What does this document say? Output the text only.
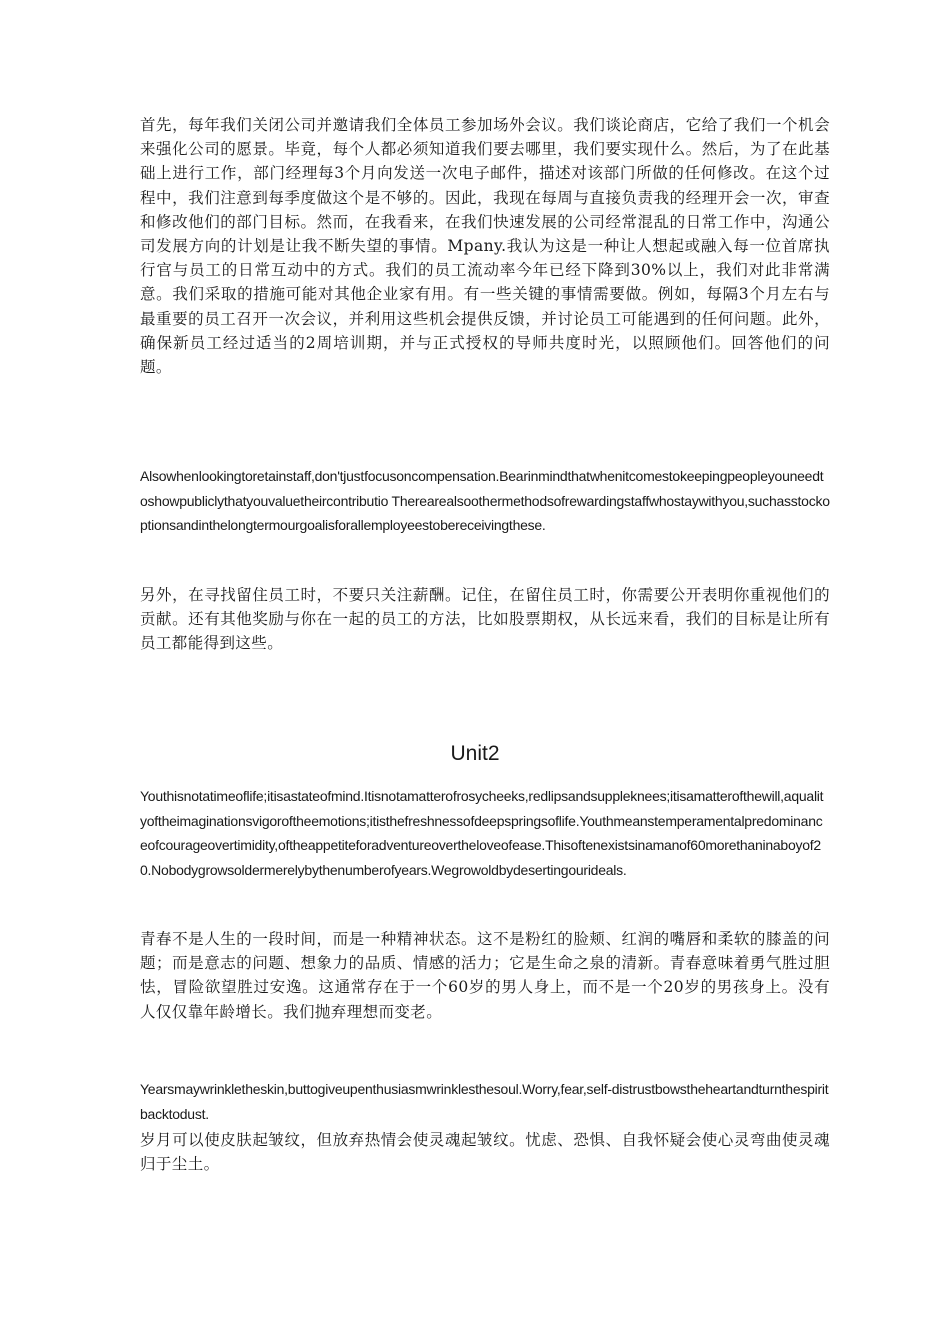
首先，每年我们关闭公司并邀请我们全体员工参加场外会议。我们谈论商店，它给了我们一个机会来强化公司的愿景。毕竟，每个人都必须知道我们要去哪里，我们要实现什么。然后，为了在此基础上进行工作，部门经理每3个月向发送一次电子邮件，描述对该部门所做的任何修改。在这个过程中，我们注意到每季度做这个是不够的。因此，我现在每周与直接负责我的经理开会一次，审查和修改他们的部门目标。然而，在我看来，在我们快速发展的公司经常混乱的日常工作中，沟通公司发展方向的计划是让我不断失望的事情。Mpany.我认为这是一种让人想起或融入每一位首席执行官与员工的日常互动中的方式。我们的员工流动率今年已经下降到30%以上，我们对此非常满意。我们采取的措施可能对其他企业家有用。有一些关键的事情需要做。例如，每隔3个月左右与最重要的员工召开一次会议，并利用这些机会提供反馈，并讨论员工可能遇到的任何问题。此外，确保新员工经过适当的2周培训期，并与正式授权的导师共度时光，以照顾他们。回答他们的问题。

Alsowhenlookingtoretainstaff,don'tjustfocusoncompensation.Bearinmindthatwhenitcomestokeepingpeopleyouneedtoshowpubliclythatyouvaluetheircontributio Therearealsoothermethodsofrewardingstaffwhostaywithyou,suchasstockoptionsandinthelongtermourgoalisforallemployeestobereceivingthese.

另外，在寻找留住员工时，不要只关注薪酬。记住，在留住员工时，你需要公开表明你重视他们的贡献。还有其他奖励与你在一起的员工的方法，比如股票期权，从长远来看，我们的目标是让所有员工都能得到这些。

Unit2

Youthisnotatimeoflife;itisastateofmind.Itisnotamatterofrosycheeks,redlipsandsuppleknees;itisamatterofthewill,aqualityoftheimaginationsvigoroftheemotions;itisthefreshnessofdeepspringsoflife.Youthmeanstemperamentalpredominanceofcourageovertimidity,oftheappetiteforadventureovertheloveofease.Thisoftenexistsinamanof60morethaninaboyof20.Nobodygrowsoldermerelybythenumberofyears.Wegrowoldbydesertingourideals.

青春不是人生的一段时间，而是一种精神状态。这不是粉红的脸颊、红润的嘴唇和柔软的膝盖的问题；而是意志的问题、想象力的品质、情感的活力；它是生命之泉的清新。青春意味着勇气胜过胆怯，冒险欲望胜过安逸。这通常存在于一个60岁的男人身上，而不是一个20岁的男孩身上。没有人仅仅靠年龄增长。我们抛弃理想而变老。

Yearsmaywrinkletheskin,buttogiveupenthusiasmwrinklesthesoul.Worry,fear,self-distrustbowstheheartandturnthespiritbacktodust.

岁月可以使皮肤起皱纹，但放弃热情会使灵魂起皱纹。忧虑、恐惧、自我怀疑会使心灵弯曲使灵魂归于尘土。
